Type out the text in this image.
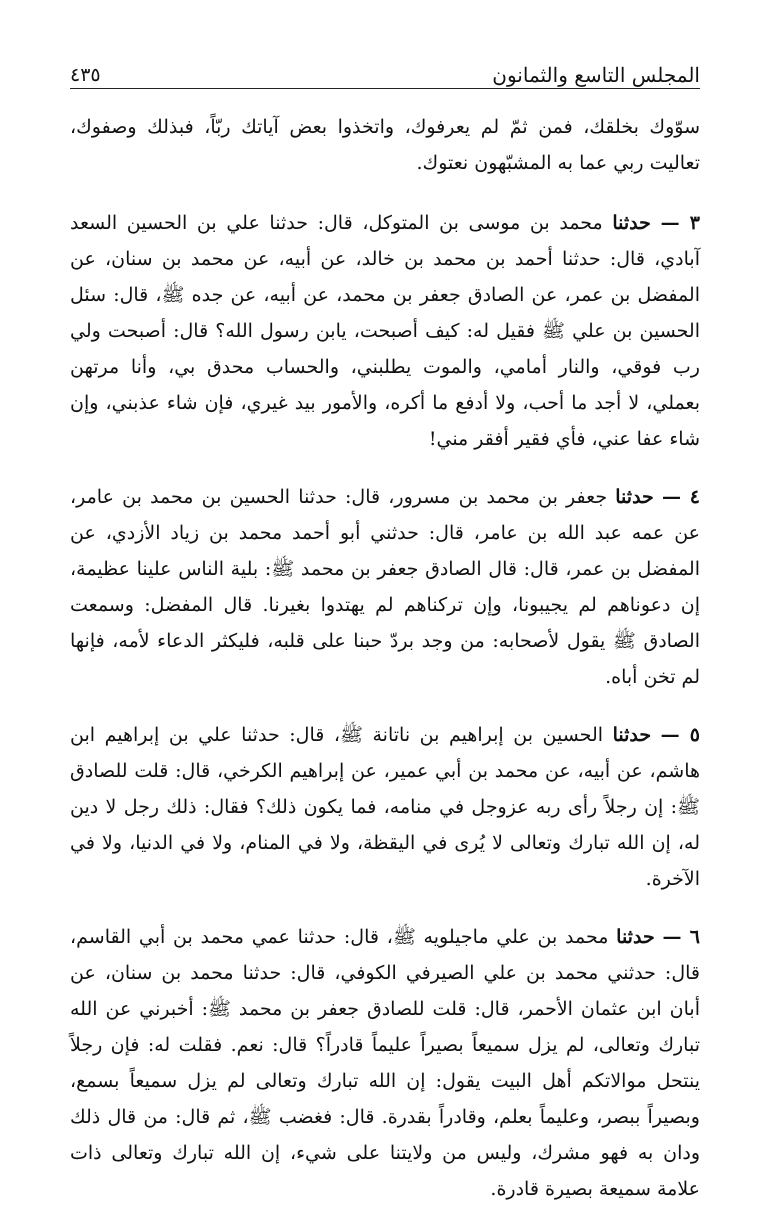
المجلس التاسع والثمانون
٤٣٥

سوّوك بخلقك، فمن ثمّ لم يعرفوك، واتخذوا بعض آياتك ربّاً، فبذلك وصفوك، تعاليت ربي عما به المشبّهون نعتوك.

٣ — حدثنا محمد بن موسى بن المتوكل، قال: حدثنا علي بن الحسين السعد آبادي، قال: حدثنا أحمد بن محمد بن خالد، عن أبيه، عن محمد بن سنان، عن المفضل بن عمر، عن الصادق جعفر بن محمد، عن أبيه، عن جده ﷺ، قال: سئل الحسين بن علي ﷺ فقيل له: كيف أصبحت، يابن رسول الله؟ قال: أصبحت ولي رب فوقي، والنار أمامي، والموت يطلبني، والحساب محدق بي، وأنا مرتهن بعملي، لا أجد ما أحب، ولا أدفع ما أكره، والأمور بيد غيري، فإن شاء عذبني، وإن شاء عفا عني، فأي فقير أفقر مني!

٤ — حدثنا جعفر بن محمد بن مسرور، قال: حدثنا الحسين بن محمد بن عامر، عن عمه عبد الله بن عامر، قال: حدثني أبو أحمد محمد بن زياد الأزدي، عن المفضل بن عمر، قال: قال الصادق جعفر بن محمد ﷺ: بلية الناس علينا عظيمة، إن دعوناهم لم يجيبونا، وإن تركناهم لم يهتدوا بغيرنا. قال المفضل: وسمعت الصادق ﷺ يقول لأصحابه: من وجد بردّ حبنا على قلبه، فليكثر الدعاء لأمه، فإنها لم تخن أباه.

٥ — حدثنا الحسين بن إبراهيم بن ناتانة ﷺ، قال: حدثنا علي بن إبراهيم ابن هاشم، عن أبيه، عن محمد بن أبي عمير، عن إبراهيم الكرخي، قال: قلت للصادق ﷺ: إن رجلاً رأى ربه عزوجل في منامه، فما يكون ذلك؟ فقال: ذلك رجل لا دين له، إن الله تبارك وتعالى لا يُرى في اليقظة، ولا في المنام، ولا في الدنيا، ولا في الآخرة.

٦ — حدثنا محمد بن علي ماجيلويه ﷺ، قال: حدثنا عمي محمد بن أبي القاسم، قال: حدثني محمد بن علي الصيرفي الكوفي، قال: حدثنا محمد بن سنان، عن أبان ابن عثمان الأحمر، قال: قلت للصادق جعفر بن محمد ﷺ: أخبرني عن الله تبارك وتعالى، لم يزل سميعاً بصيراً عليماً قادراً؟ قال: نعم. فقلت له: فإن رجلاً ينتحل موالاتكم أهل البيت يقول: إن الله تبارك وتعالى لم يزل سميعاً بسمع، وبصيراً ببصر، وعليماً بعلم، وقادراً بقدرة. قال: فغضب ﷺ، ثم قال: من قال ذلك ودان به فهو مشرك، وليس من ولايتنا على شيء، إن الله تبارك وتعالى ذات علامة سميعة بصيرة قادرة.
